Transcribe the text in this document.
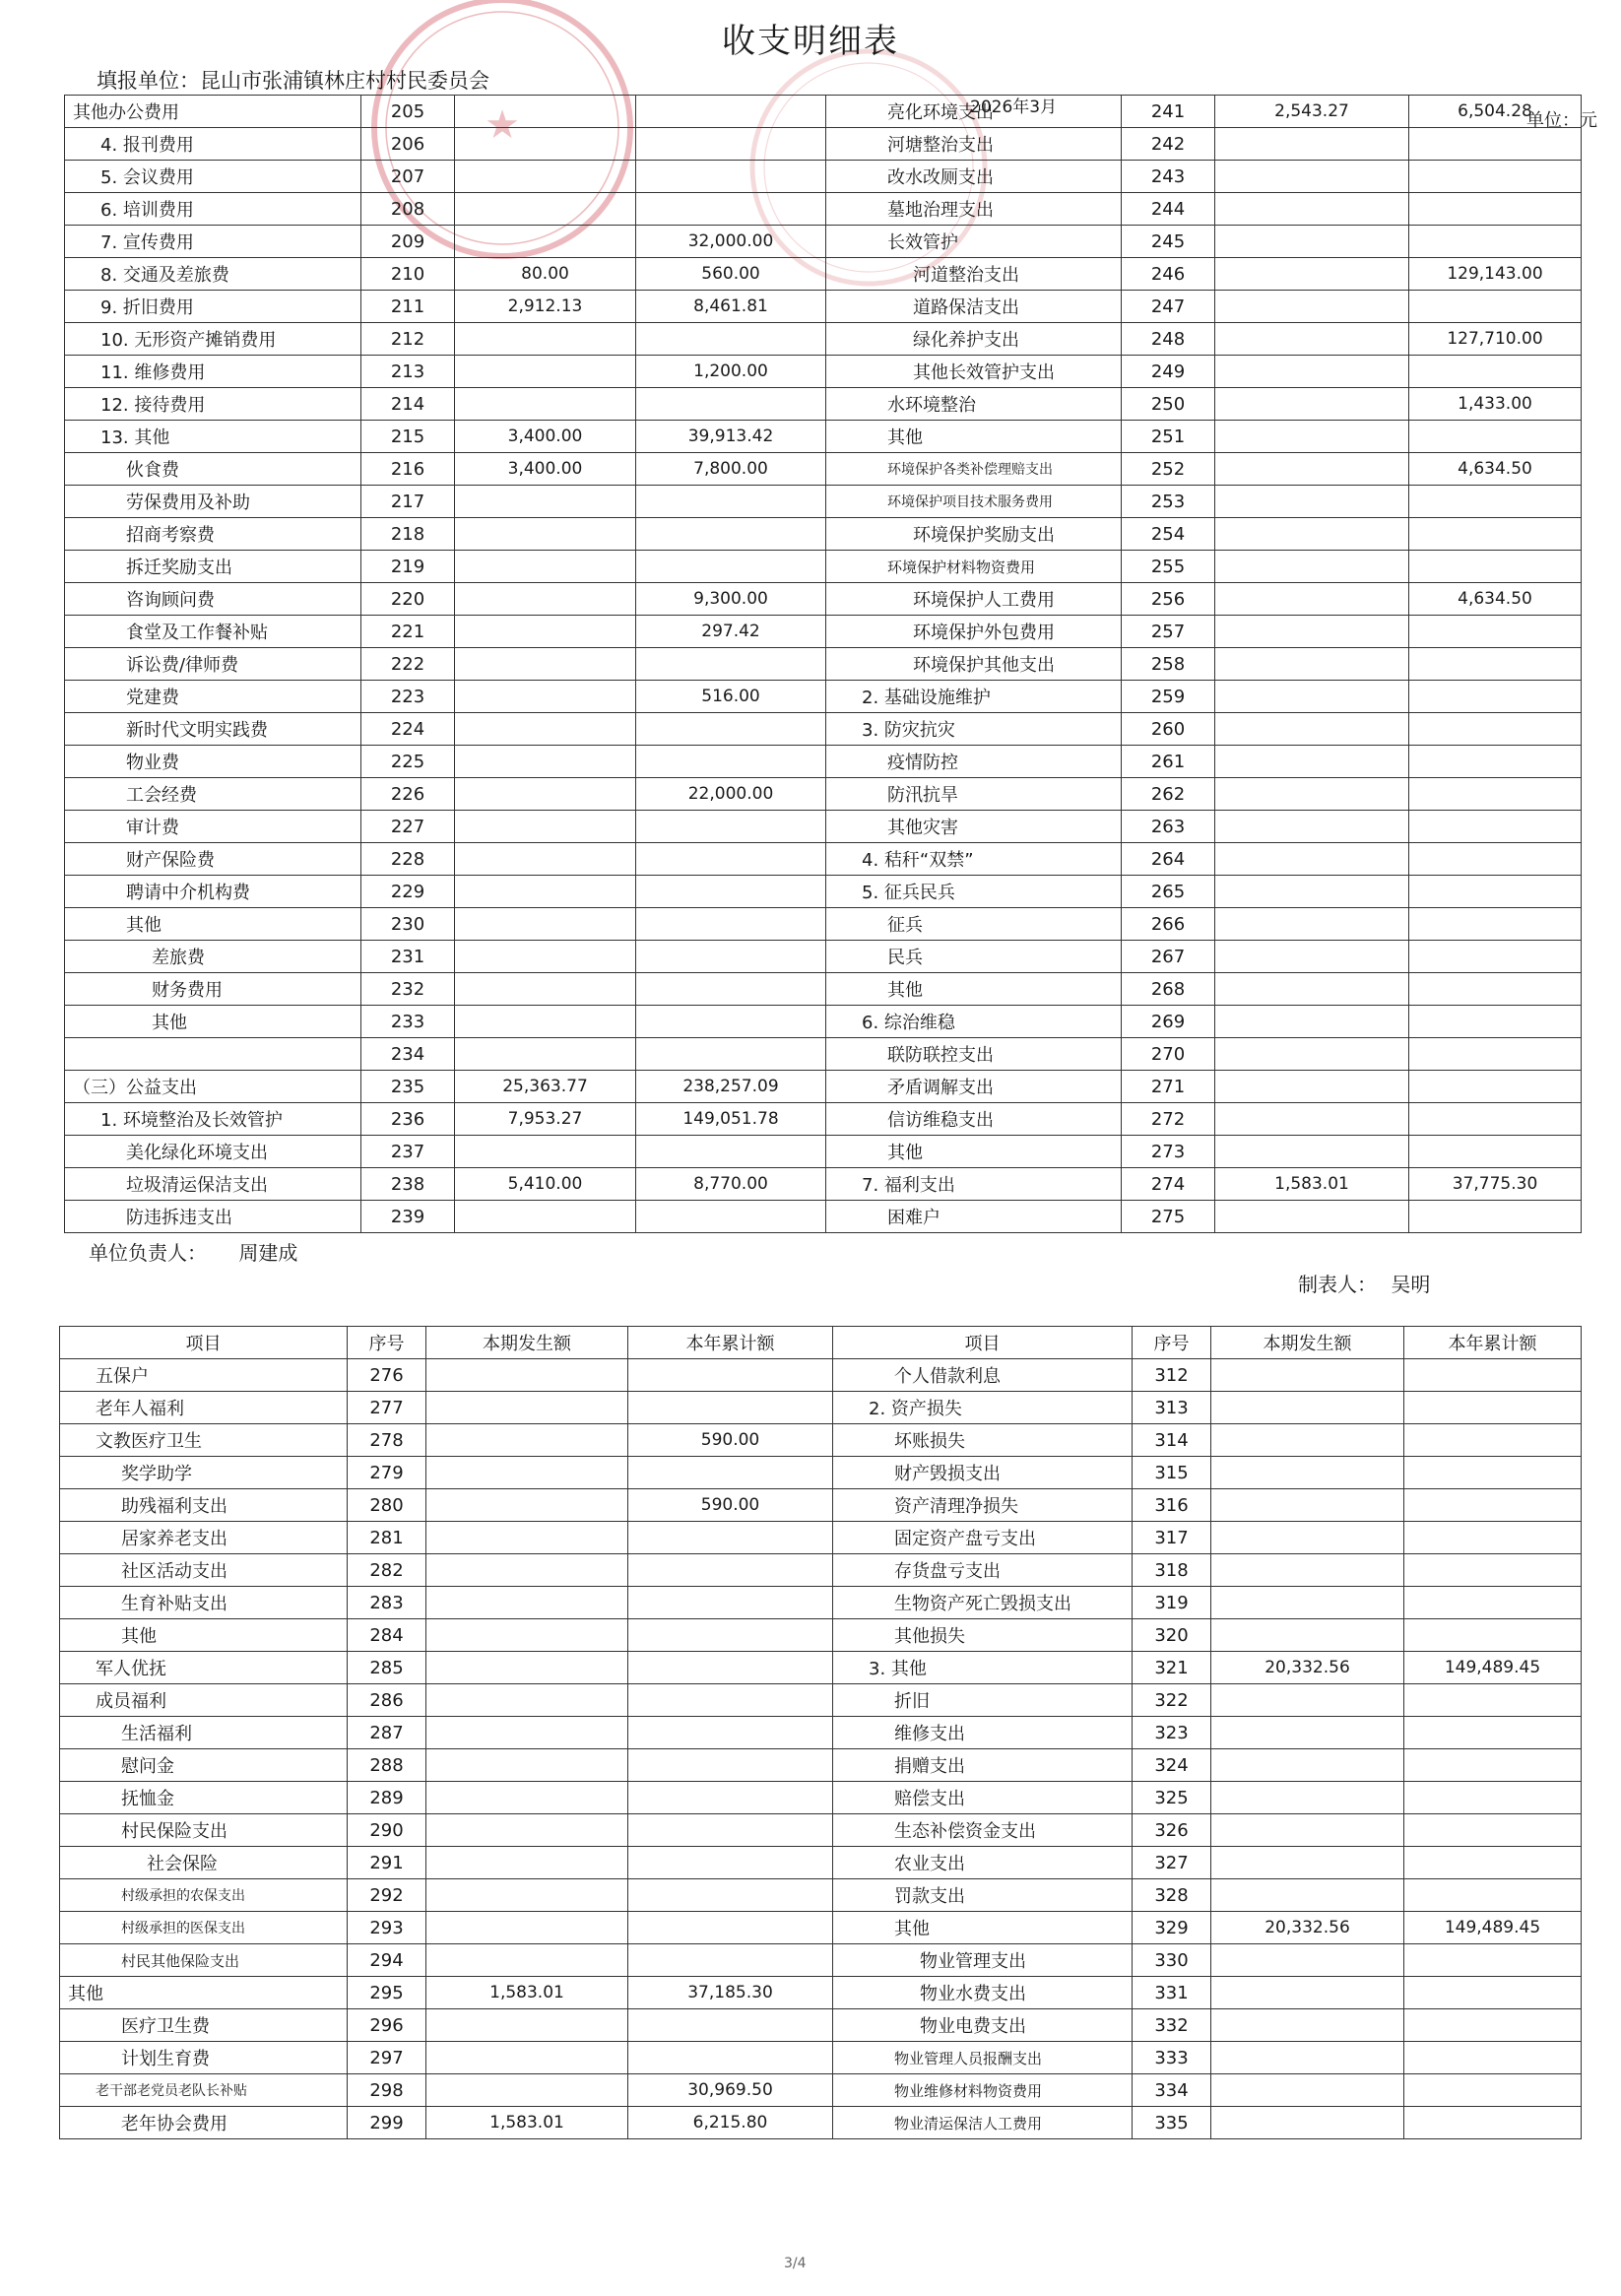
★
收支明细表
填报单位：昆山市张浦镇林庄村村民委员会
2026年3月
单位：元
其他办公费用	205			亮化环境支出	241	2,543.27	6,504.28
4. 报刊费用	206			河塘整治支出	242		
5. 会议费用	207			改水改厕支出	243		
6. 培训费用	208			墓地治理支出	244		
7. 宣传费用	209		32,000.00	长效管护	245		
8. 交通及差旅费	210	80.00	560.00	河道整治支出	246		129,143.00
9. 折旧费用	211	2,912.13	8,461.81	道路保洁支出	247		
10. 无形资产摊销费用	212			绿化养护支出	248		127,710.00
11. 维修费用	213		1,200.00	其他长效管护支出	249		
12. 接待费用	214			水环境整治	250		1,433.00
13. 其他	215	3,400.00	39,913.42	其他	251		
伙食费	216	3,400.00	7,800.00	环境保护各类补偿理赔支出	252		4,634.50
劳保费用及补助	217			环境保护项目技术服务费用	253		
招商考察费	218			环境保护奖励支出	254		
拆迁奖励支出	219			环境保护材料物资费用	255		
咨询顾问费	220		9,300.00	环境保护人工费用	256		4,634.50
食堂及工作餐补贴	221		297.42	环境保护外包费用	257		
诉讼费/律师费	222			环境保护其他支出	258		
党建费	223		516.00	2. 基础设施维护	259		
新时代文明实践费	224			3. 防灾抗灾	260		
物业费	225			疫情防控	261		
工会经费	226		22,000.00	防汛抗旱	262		
审计费	227			其他灾害	263		
财产保险费	228			4. 秸秆“双禁”	264		
聘请中介机构费	229			5. 征兵民兵	265		
其他	230			征兵	266		
差旅费	231			民兵	267		
财务费用	232			其他	268		
其他	233			6. 综治维稳	269		
	234			联防联控支出	270		
（三）公益支出	235	25,363.77	238,257.09	矛盾调解支出	271		
1. 环境整治及长效管护	236	7,953.27	149,051.78	信访维稳支出	272		
美化绿化环境支出	237			其他	273		
垃圾清运保洁支出	238	5,410.00	8,770.00	7. 福利支出	274	1,583.01	37,775.30
防违拆违支出	239			困难户	275		
单位负责人： 周建成
制表人： 吴明
项目	序号	本期发生额	本年累计额	项目	序号	本期发生额	本年累计额
五保户	276			个人借款利息	312		
老年人福利	277			2. 资产损失	313		
文教医疗卫生	278		590.00	坏账损失	314		
奖学助学	279			财产毁损支出	315		
助残福利支出	280		590.00	资产清理净损失	316		
居家养老支出	281			固定资产盘亏支出	317		
社区活动支出	282			存货盘亏支出	318		
生育补贴支出	283			生物资产死亡毁损支出	319		
其他	284			其他损失	320		
军人优抚	285			3. 其他	321	20,332.56	149,489.45
成员福利	286			折旧	322		
生活福利	287			维修支出	323		
慰问金	288			捐赠支出	324		
抚恤金	289			赔偿支出	325		
村民保险支出	290			生态补偿资金支出	326		
社会保险	291			农业支出	327		
村级承担的农保支出	292			罚款支出	328		
村级承担的医保支出	293			其他	329	20,332.56	149,489.45
村民其他保险支出	294			物业管理支出	330		
其他	295	1,583.01	37,185.30	物业水费支出	331		
医疗卫生费	296			物业电费支出	332		
计划生育费	297			物业管理人员报酬支出	333		
老干部老党员老队长补贴	298		30,969.50	物业维修材料物资费用	334		
老年协会费用	299	1,583.01	6,215.80	物业清运保洁人工费用	335		
3/4
